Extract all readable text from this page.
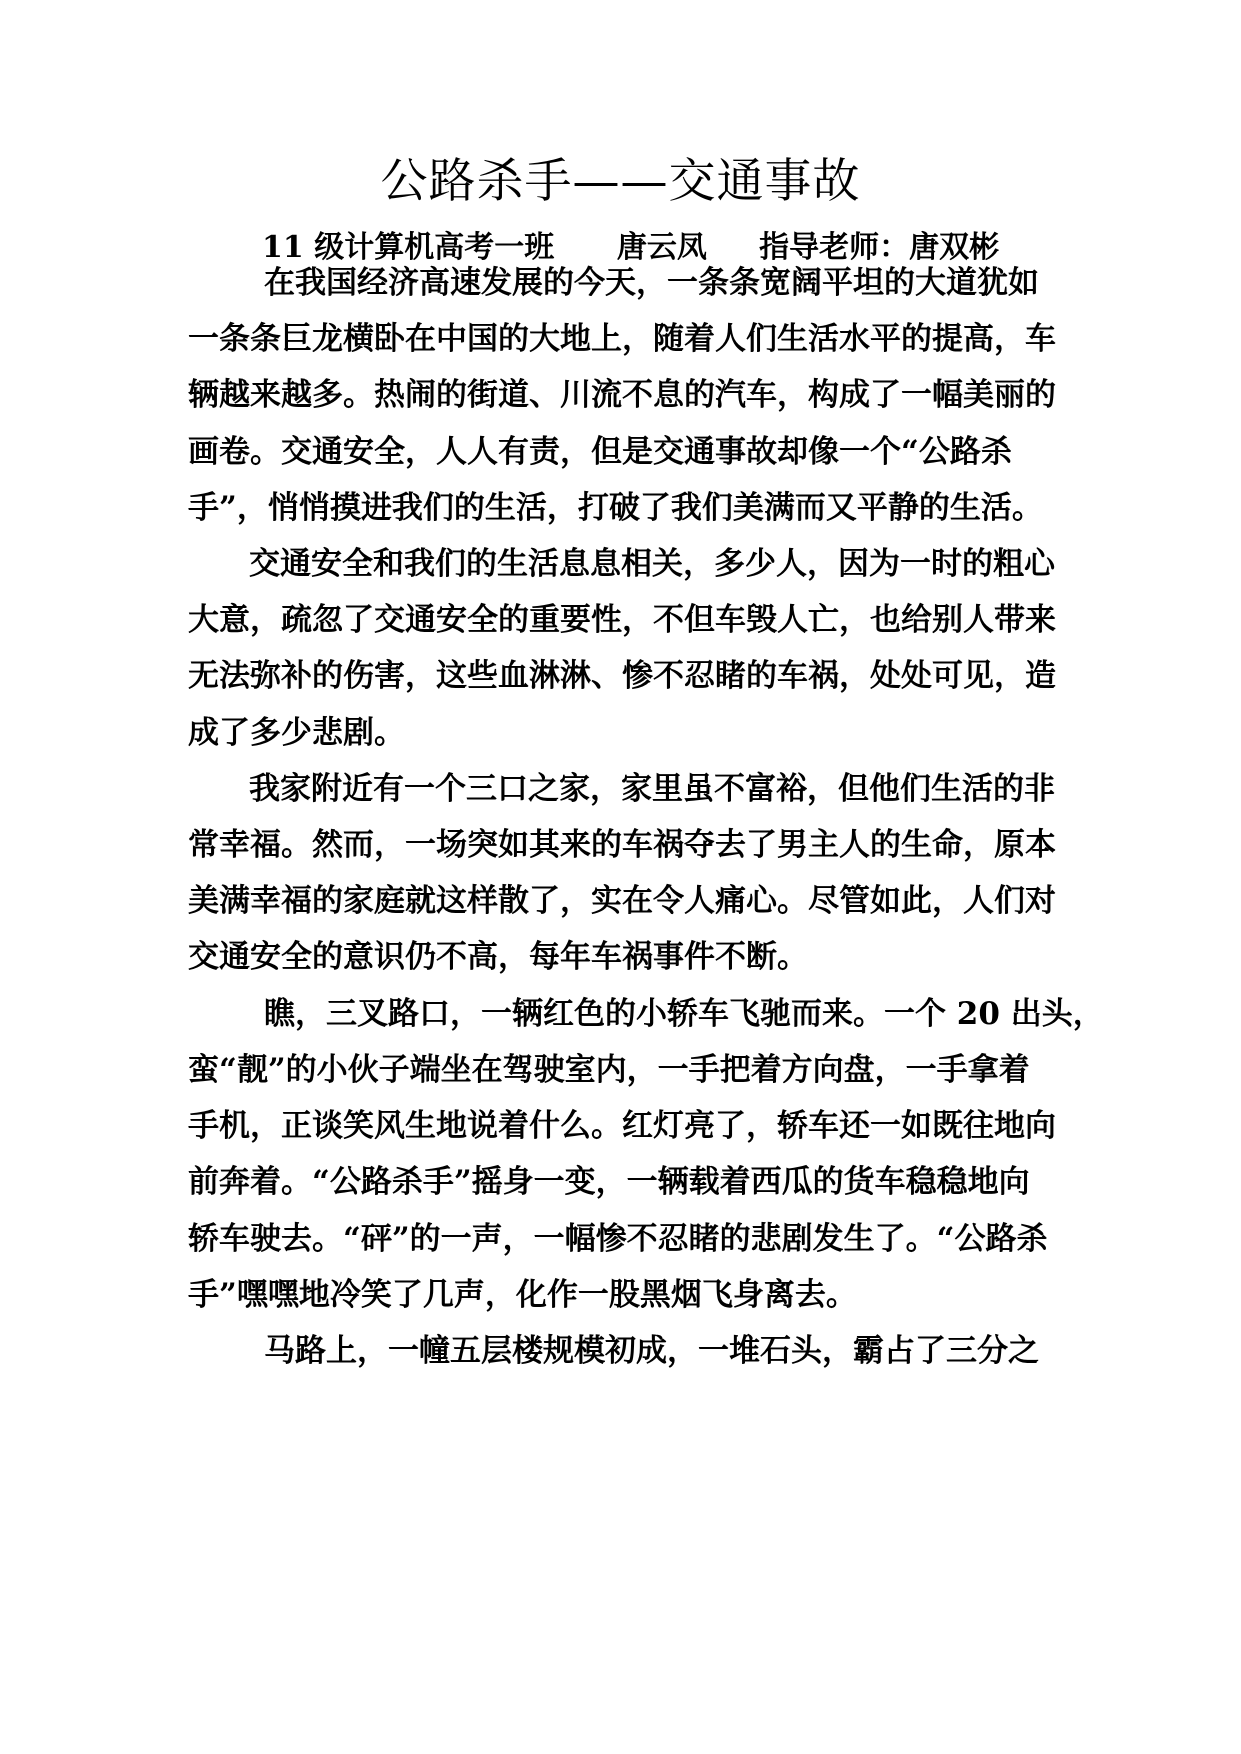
公路杀手——交通事故
11 级计算机高考一班      唐云凤     指导老师：唐双彬
在我国经济高速发展的今天，一条条宽阔平坦的大道犹如
一条条巨龙横卧在中国的大地上，随着人们生活水平的提高，车
辆越来越多。热闹的街道、川流不息的汽车，构成了一幅美丽的
画卷。交通安全，人人有责，但是交通事故却像一个“公路杀
手”，悄悄摸进我们的生活，打破了我们美满而又平静的生活。
交通安全和我们的生活息息相关，多少人，因为一时的粗心
大意，疏忽了交通安全的重要性，不但车毁人亡，也给别人带来
无法弥补的伤害，这些血淋淋、惨不忍睹的车祸，处处可见，造
成了多少悲剧。
我家附近有一个三口之家，家里虽不富裕，但他们生活的非
常幸福。然而，一场突如其来的车祸夺去了男主人的生命，原本
美满幸福的家庭就这样散了，实在令人痛心。尽管如此，人们对
交通安全的意识仍不高，每年车祸事件不断。
瞧，三叉路口，一辆红色的小轿车飞驰而来。一个 20 出头，
蛮“靓”的小伙子端坐在驾驶室内，一手把着方向盘，一手拿着
手机，正谈笑风生地说着什么。红灯亮了，轿车还一如既往地向
前奔着。“公路杀手”摇身一变，一辆载着西瓜的货车稳稳地向
轿车驶去。“砰”的一声，一幅惨不忍睹的悲剧发生了。“公路杀
手”嘿嘿地冷笑了几声，化作一股黑烟飞身离去。
马路上，一幢五层楼规模初成，一堆石头，霸占了三分之
